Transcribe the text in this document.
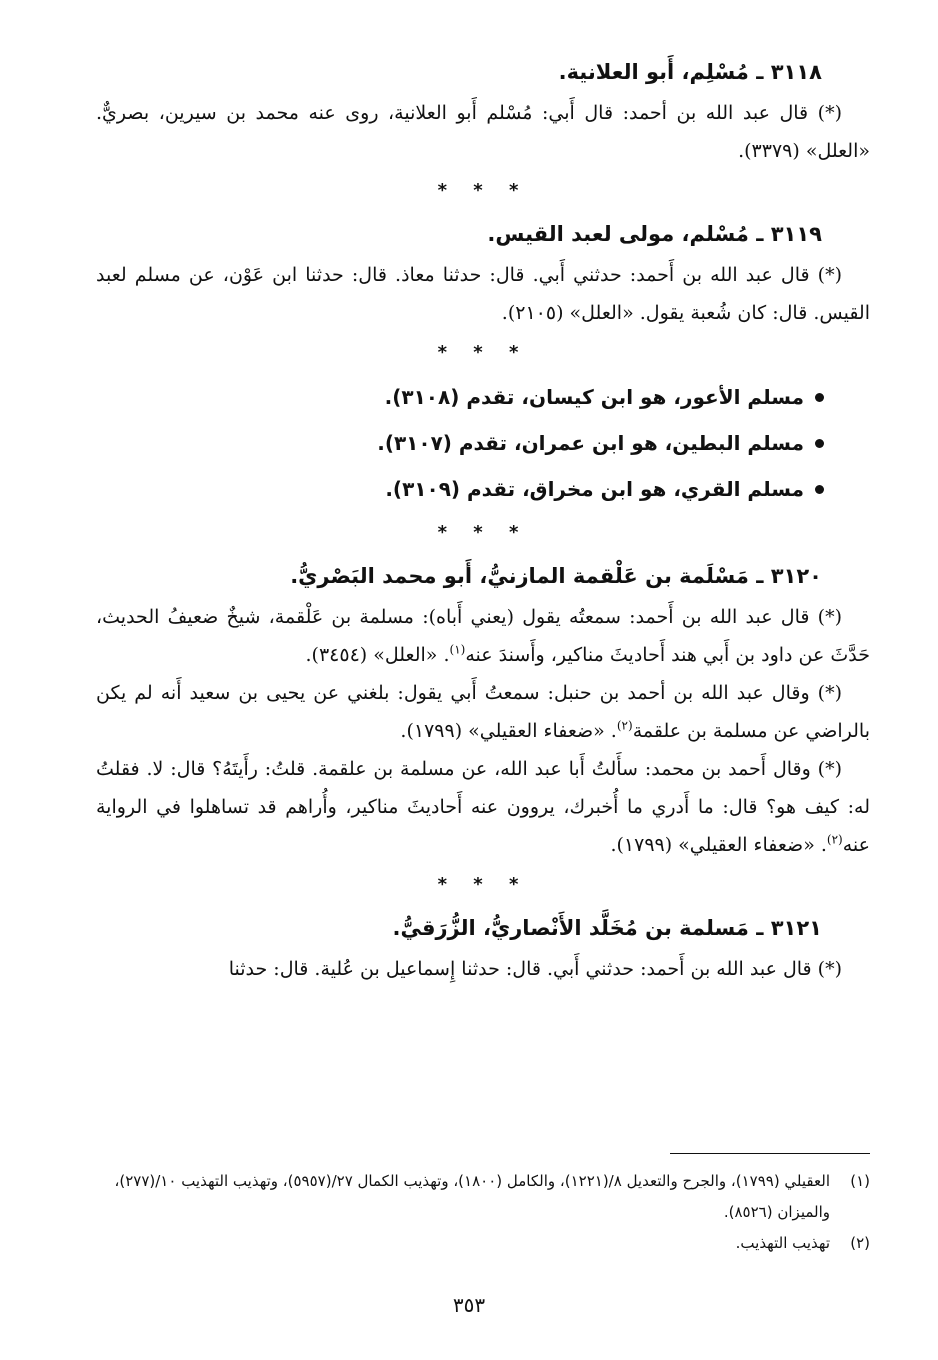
٣١١٨ ـ مُسْلِم، أَبو العلانية.

(*) قال عبد الله بن أحمد: قال أَبي: مُسْلم أَبو العلانية، روى عنه محمد بن سيرين، بصريٌّ. «العلل» (٣٣٧٩).

* * *

٣١١٩ ـ مُسْلم، مولى لعبد القيس.

(*) قال عبد الله بن أَحمد: حدثني أَبي. قال: حدثنا معاذ. قال: حدثنا ابن عَوْن، عن مسلم لعبد القيس. قال: كان شُعبة يقول. «العلل» (٢١٠٥).

* * *

مسلم الأعور، هو ابن كيسان، تقدم (٣١٠٨).
مسلم البطين، هو ابن عمران، تقدم (٣١٠٧).
مسلم القري، هو ابن مخراق، تقدم (٣١٠٩).

* * *

٣١٢٠ ـ مَسْلَمة بن عَلْقمة المازنيُّ، أَبو محمد البَصْريُّ.

(*) قال عبد الله بن أَحمد: سمعتُه يقول (يعني أَباه): مسلمة بن عَلْقمة، شيخٌ ضعيفُ الحديث، حَدَّثَ عن داود بن أَبي هند أَحاديثَ مناكير، وأَسندَ عنه$^{(١)}$. «العلل» (٣٤٥٤).

(*) وقال عبد الله بن أحمد بن حنبل: سمعتُ أَبي يقول: بلغني عن يحيى بن سعيد أَنه لم يكن بالراضي عن مسلمة بن علقمة$^{(٢)}$. «ضعفاء العقيلي» (١٧٩٩).

(*) وقال أَحمد بن محمد: سأَلتُ أَبا عبد الله، عن مسلمة بن علقمة. قلتُ: رأَيتَهُ؟ قال: لا. فقلتُ له: كيف هو؟ قال: ما أَدري ما أُخبرك، يروون عنه أَحاديثَ مناكير، وأُراهم قد تساهلوا في الرواية عنه$^{(٢)}$. «ضعفاء العقيلي» (١٧٩٩).

* * *

٣١٢١ ـ مَسلمة بن مُخَلَّد الأَنْصاريُّ، الزُّرَقيُّ.

(*) قال عبد الله بن أَحمد: حدثني أَبي. قال: حدثنا إِسماعيل بن عُلية. قال: حدثنا

(١)
العقيلي (١٧٩٩)، والجرح والتعديل ٨/(١٢٢١)، والكامل (١٨٠٠)، وتهذيب الكمال ٢٧/(٥٩٥٧)، وتهذيب التهذيب ١٠/(٢٧٧)، والميزان (٨٥٢٦).

(٢)
تهذيب التهذيب.

٣٥٣
